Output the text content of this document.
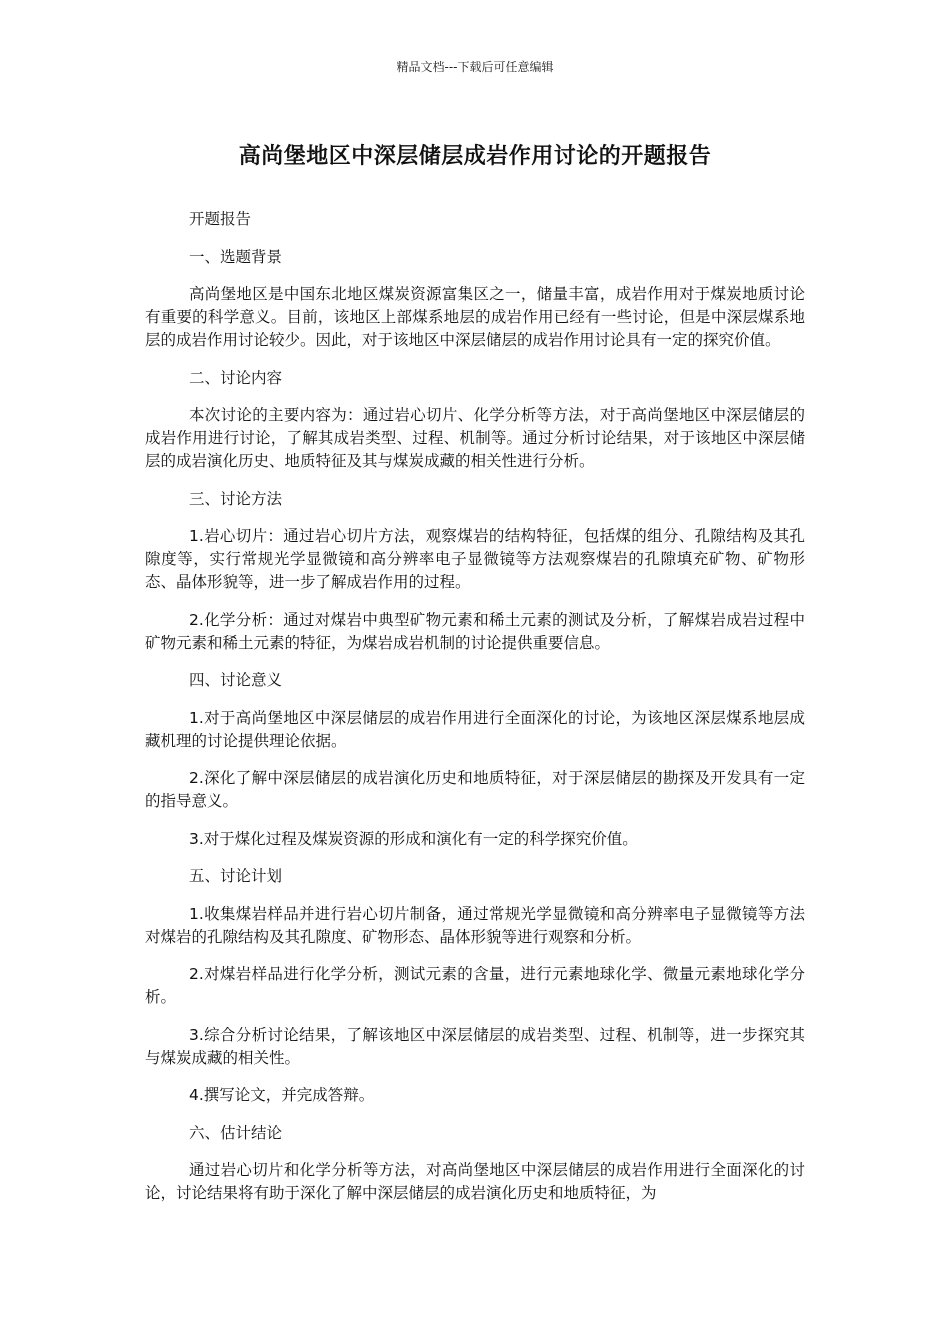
精品文档---下载后可任意编辑
高尚堡地区中深层储层成岩作用讨论的开题报告

开题报告

一、选题背景

高尚堡地区是中国东北地区煤炭资源富集区之一，储量丰富，成岩作用对于煤炭地质讨论有重要的科学意义。目前，该地区上部煤系地层的成岩作用已经有一些讨论，但是中深层煤系地层的成岩作用讨论较少。因此，对于该地区中深层储层的成岩作用讨论具有一定的探究价值。

二、讨论内容

本次讨论的主要内容为：通过岩心切片、化学分析等方法，对于高尚堡地区中深层储层的成岩作用进行讨论，了解其成岩类型、过程、机制等。通过分析讨论结果，对于该地区中深层储层的成岩演化历史、地质特征及其与煤炭成藏的相关性进行分析。

三、讨论方法

1.岩心切片：通过岩心切片方法，观察煤岩的结构特征，包括煤的组分、孔隙结构及其孔隙度等，实行常规光学显微镜和高分辨率电子显微镜等方法观察煤岩的孔隙填充矿物、矿物形态、晶体形貌等，进一步了解成岩作用的过程。

2.化学分析：通过对煤岩中典型矿物元素和稀土元素的测试及分析，了解煤岩成岩过程中矿物元素和稀土元素的特征，为煤岩成岩机制的讨论提供重要信息。

四、讨论意义

1.对于高尚堡地区中深层储层的成岩作用进行全面深化的讨论，为该地区深层煤系地层成藏机理的讨论提供理论依据。

2.深化了解中深层储层的成岩演化历史和地质特征，对于深层储层的勘探及开发具有一定的指导意义。

3.对于煤化过程及煤炭资源的形成和演化有一定的科学探究价值。

五、讨论计划

1.收集煤岩样品并进行岩心切片制备，通过常规光学显微镜和高分辨率电子显微镜等方法对煤岩的孔隙结构及其孔隙度、矿物形态、晶体形貌等进行观察和分析。

2.对煤岩样品进行化学分析，测试元素的含量，进行元素地球化学、微量元素地球化学分析。

3.综合分析讨论结果，了解该地区中深层储层的成岩类型、过程、机制等，进一步探究其与煤炭成藏的相关性。

4.撰写论文，并完成答辩。

六、估计结论

通过岩心切片和化学分析等方法，对高尚堡地区中深层储层的成岩作用进行全面深化的讨论，讨论结果将有助于深化了解中深层储层的成岩演化历史和地质特征，为
